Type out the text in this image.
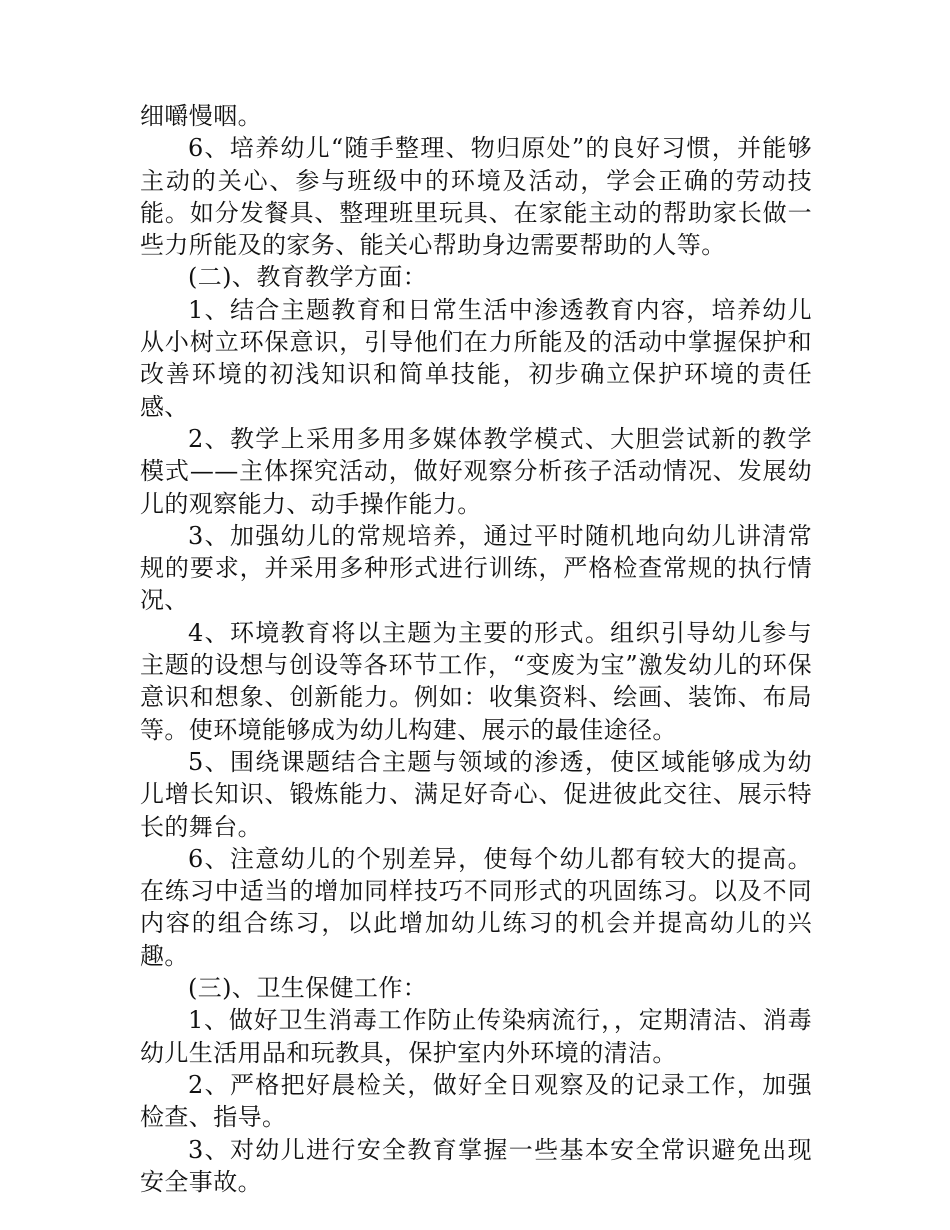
细嚼慢咽。

6、培养幼儿“随手整理、物归原处”的良好习惯，并能够主动的关心、参与班级中的环境及活动，学会正确的劳动技能。如分发餐具、整理班里玩具、在家能主动的帮助家长做一些力所能及的家务、能关心帮助身边需要帮助的人等。

(二)、教育教学方面：

1、结合主题教育和日常生活中渗透教育内容，培养幼儿从小树立环保意识，引导他们在力所能及的活动中掌握保护和改善环境的初浅知识和简单技能，初步确立保护环境的责任感、

2、教学上采用多用多媒体教学模式、大胆尝试新的教学模式——主体探究活动，做好观察分析孩子活动情况、发展幼儿的观察能力、动手操作能力。

3、加强幼儿的常规培养，通过平时随机地向幼儿讲清常规的要求，并采用多种形式进行训练，严格检查常规的执行情况、

4、环境教育将以主题为主要的形式。组织引导幼儿参与主题的设想与创设等各环节工作，“变废为宝”激发幼儿的环保意识和想象、创新能力。例如：收集资料、绘画、装饰、布局等。使环境能够成为幼儿构建、展示的最佳途径。

5、围绕课题结合主题与领域的渗透，使区域能够成为幼儿增长知识、锻炼能力、满足好奇心、促进彼此交往、展示特长的舞台。

6、注意幼儿的个别差异，使每个幼儿都有较大的提高。在练习中适当的增加同样技巧不同形式的巩固练习。以及不同内容的组合练习，以此增加幼儿练习的机会并提高幼儿的兴趣。

(三)、卫生保健工作：

1、做好卫生消毒工作防止传染病流行，，定期清洁、消毒幼儿生活用品和玩教具，保护室内外环境的清洁。

2、严格把好晨检关，做好全日观察及的记录工作，加强检查、指导。

3、对幼儿进行安全教育掌握一些基本安全常识避免出现安全事故。
